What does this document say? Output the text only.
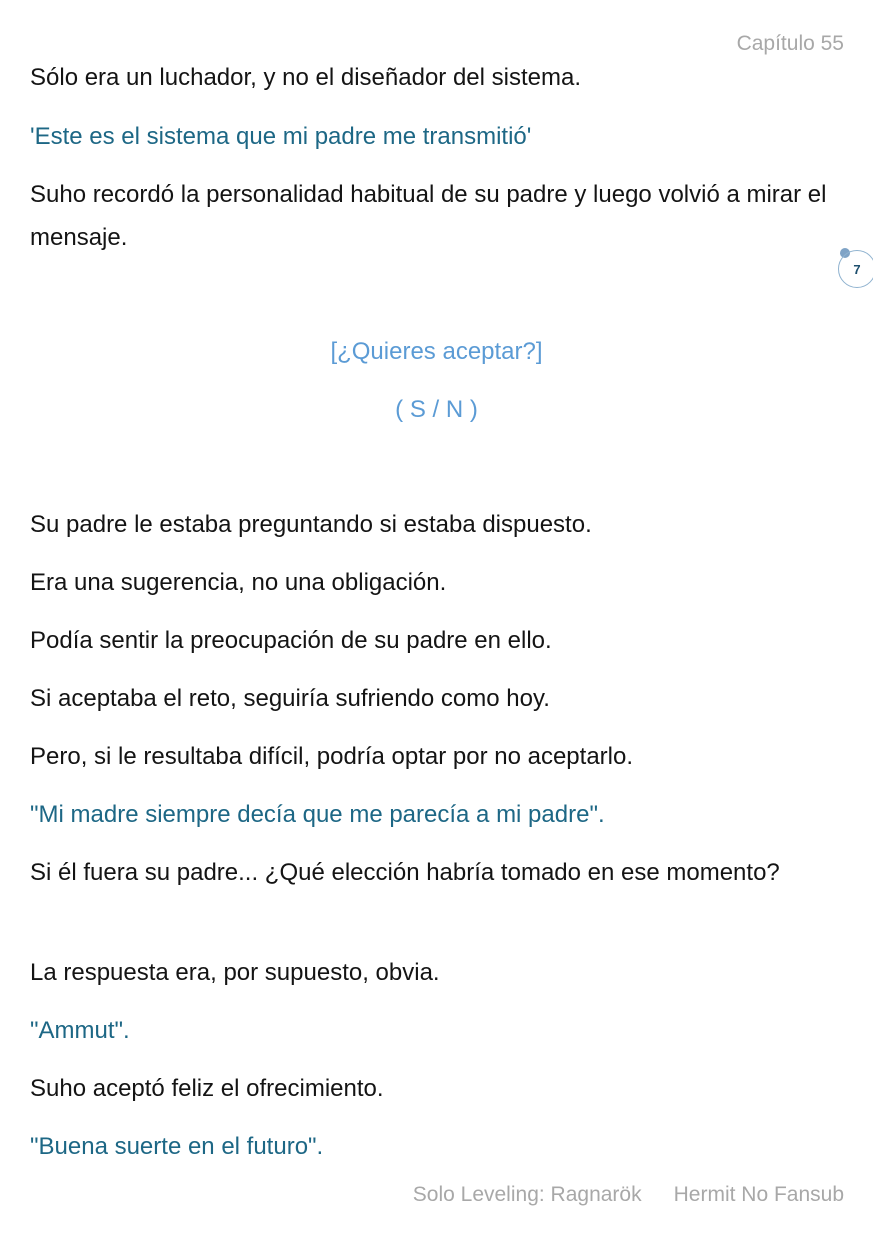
Capítulo 55

Sólo era un luchador, y no el diseñador del sistema.

'Este es el sistema que mi padre me transmitió'

Suho recordó la personalidad habitual de su padre y luego volvió a mirar el mensaje.

7

[¿Quieres aceptar?]

( S / N )

Su padre le estaba preguntando si estaba dispuesto.

Era una sugerencia, no una obligación.

Podía sentir la preocupación de su padre en ello.

Si aceptaba el reto, seguiría sufriendo como hoy.

Pero, si le resultaba difícil, podría optar por no aceptarlo.

"Mi madre siempre decía que me parecía a mi padre".

Si él fuera su padre... ¿Qué elección habría tomado en ese momento?

La respuesta era, por supuesto, obvia.

"Ammut".

Suho aceptó feliz el ofrecimiento.

"Buena suerte en el futuro".

Solo Leveling: Ragnarök Hermit No Fansub
